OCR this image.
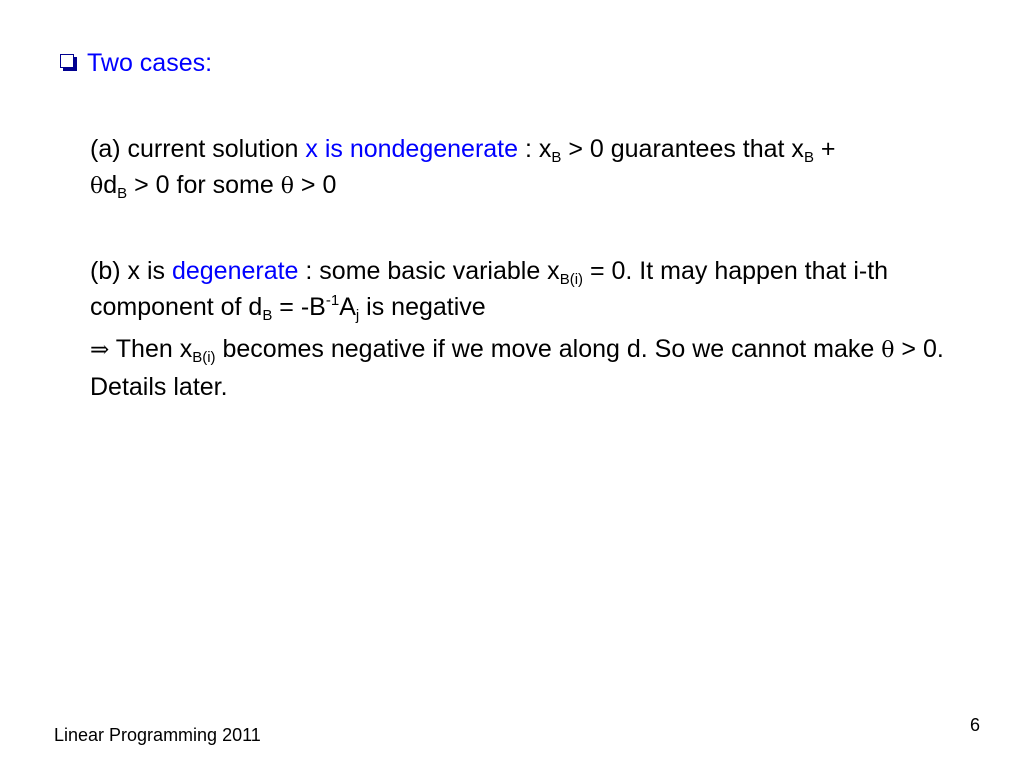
Two cases:
(a) current solution x is nondegenerate : $x_B > 0$ guarantees that $x_B$ +
$\theta d_B > 0$ for some θ > 0
(b) x is degenerate : some basic variable $x_{B(i)} = 0$. It may happen that i-th component of $d_B = -B^{-1}A_j$ is negative
⇒ Then $x_{B(i)}$ becomes negative if we move along d. So we cannot make θ > 0. Details later.
Linear Programming 2011	6
